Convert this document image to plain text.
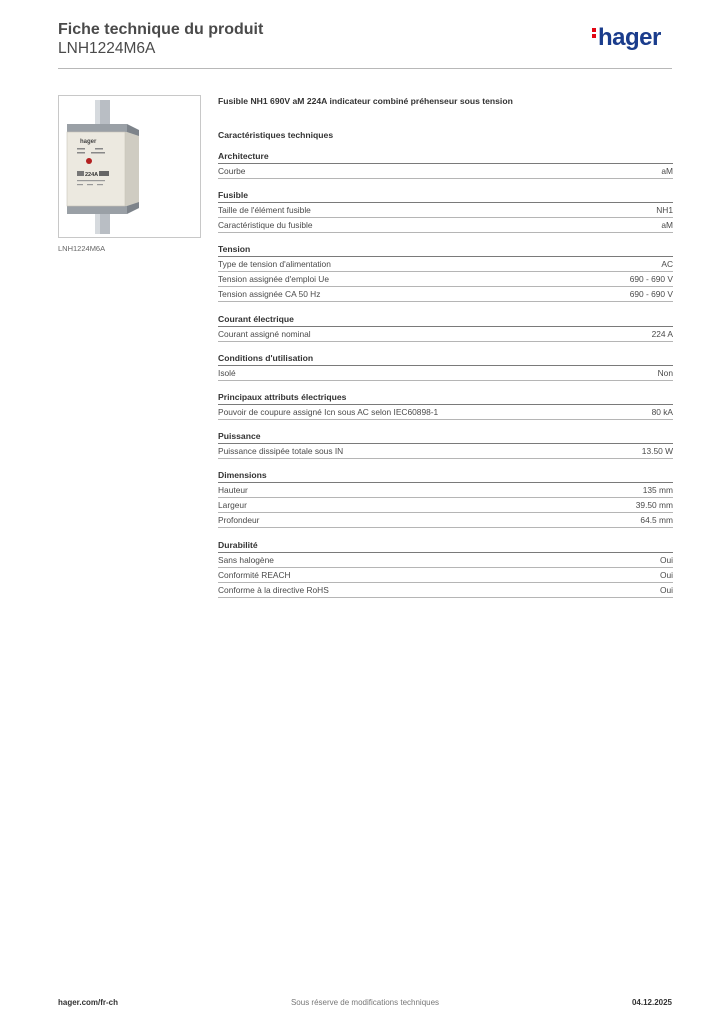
Fiche technique du produit
LNH1224M6A	hager
hager
224A
LNH1224M6A
Fusible NH1 690V aM 224A indicateur combiné préhenseur sous tension
Caractéristiques techniques
Architecture
Courbe	aM
Fusible
Taille de l'élément fusible	NH1
Caractéristique du fusible	aM
Tension
Type de tension d'alimentation	AC
Tension assignée d'emploi Ue	690 - 690 V
Tension assignée CA 50 Hz	690 - 690 V
Courant électrique
Courant assigné nominal	224 A
Conditions d'utilisation
Isolé	Non
Principaux attributs électriques
Pouvoir de coupure assigné Icn sous AC selon IEC60898-1	80 kA
Puissance
Puissance dissipée totale sous IN	13.50 W
Dimensions
Hauteur	135 mm
Largeur	39.50 mm
Profondeur	64.5 mm
Durabilité
Sans halogène	Oui
Conformité REACH	Oui
Conforme à la directive RoHS	Oui
Sous réserve de modifications techniques
hager.com/fr-ch	04.12.2025
